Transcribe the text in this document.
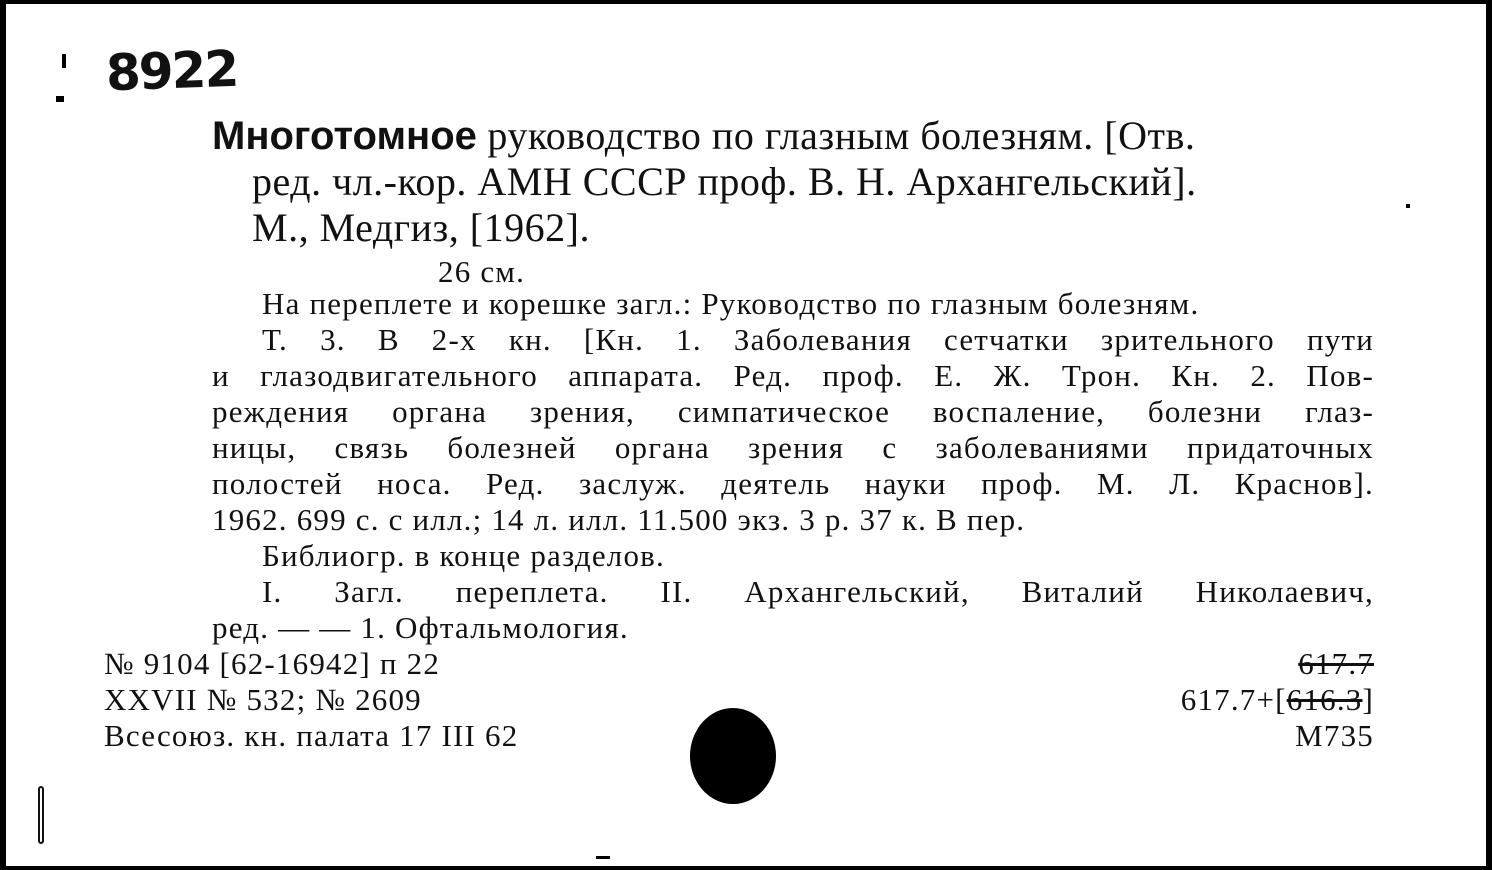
8922
Многотомное руководство по глазным болезням. [Отв.
ред. чл.-кор. АМН СССР проф. В. Н. Архангельский].
М., Медгиз, [1962].
26 см.
На переплете и корешке загл.: Руководство по глазным болезням.
Т. 3. В 2-х кн. [Кн. 1. Заболевания сетчатки зрительного пути
и глазодвигательного аппарата. Ред. проф. Е. Ж. Трон. Кн. 2. Пов-
реждения органа зрения, симпатическое воспаление, болезни глаз-
ницы, связь болезней органа зрения с заболеваниями придаточных
полостей носа. Ред. заслуж. деятель науки проф. М. Л. Краснов].
1962. 699 с. с илл.; 14 л. илл. 11.500 экз. 3 р. 37 к. В пер.
Библиогр. в конце разделов.
I. Загл. переплета. II. Архангельский, Виталий Николаевич,
ред. — — 1. Офтальмология.
№ 9104 [62-16942] п 22
XXVII № 532; № 2609
Всесоюз. кн. палата 17 III 62
617.7
617.7+[616.3]
М735
